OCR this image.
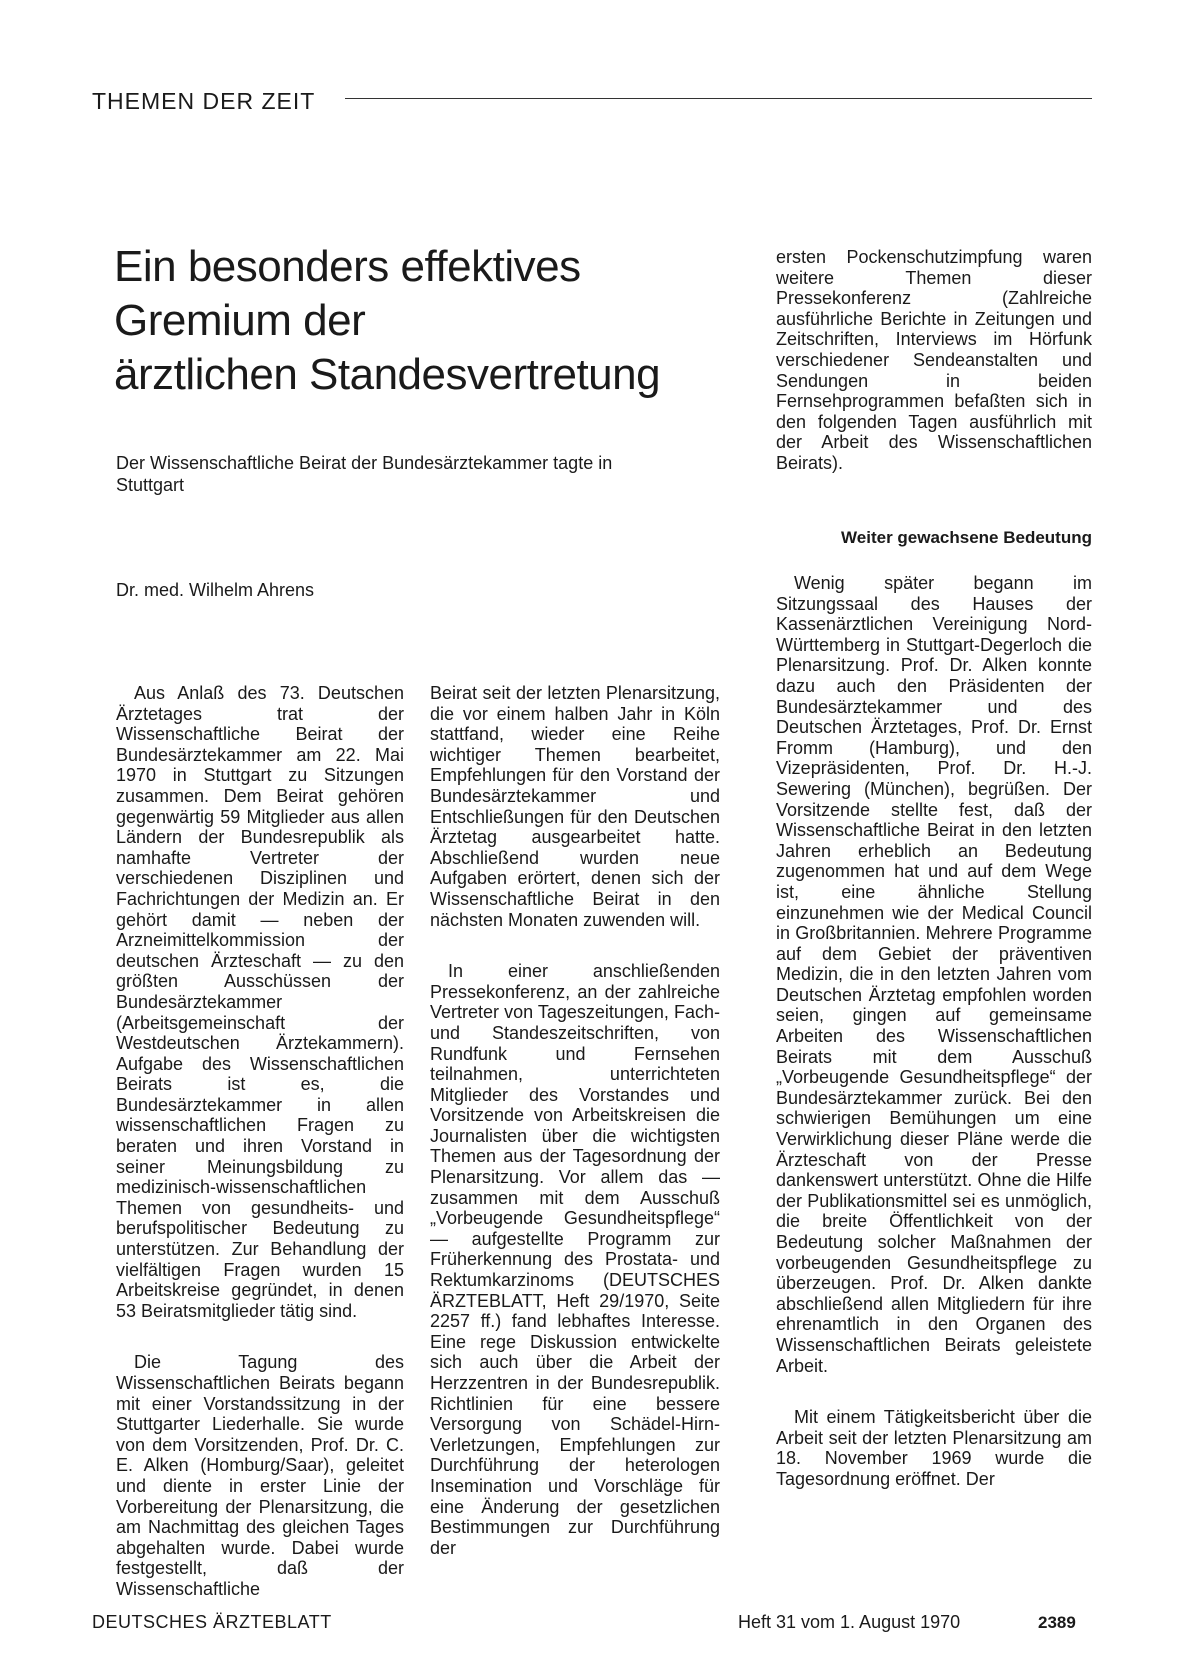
THEMEN DER ZEIT
Ein besonders effektives
Gremium der
ärztlichen Standesvertretung
Der Wissenschaftliche Beirat der Bundesärztekammer tagte in Stuttgart
Dr. med. Wilhelm Ahrens

Aus Anlaß des 73. Deutschen Ärztetages trat der Wissenschaftliche Beirat der Bundesärztekammer am 22. Mai 1970 in Stuttgart zu Sitzungen zusammen. Dem Beirat gehören gegenwärtig 59 Mitglieder aus allen Ländern der Bundesrepublik als namhafte Vertreter der verschiedenen Disziplinen und Fachrichtungen der Medizin an. Er gehört damit — neben der Arzneimittelkommission der deutschen Ärzteschaft — zu den größten Ausschüssen der Bundesärztekammer (Arbeitsgemeinschaft der Westdeutschen Ärztekammern). Aufgabe des Wissenschaftlichen Beirats ist es, die Bundesärztekammer in allen wissenschaftlichen Fragen zu beraten und ihren Vorstand in seiner Meinungsbildung zu medizinisch-wissenschaftlichen Themen von gesundheits- und berufspolitischer Bedeutung zu unterstützen. Zur Behandlung der vielfältigen Fragen wurden 15 Arbeitskreise gegründet, in denen 53 Beiratsmitglieder tätig sind.

Die Tagung des Wissenschaftlichen Beirats begann mit einer Vorstandssitzung in der Stuttgarter Liederhalle. Sie wurde von dem Vorsitzenden, Prof. Dr. C. E. Alken (Homburg/Saar), geleitet und diente in erster Linie der Vorbereitung der Plenarsitzung, die am Nachmittag des gleichen Tages abgehalten wurde. Dabei wurde festgestellt, daß der Wissenschaftliche

Beirat seit der letzten Plenarsitzung, die vor einem halben Jahr in Köln stattfand, wieder eine Reihe wichtiger Themen bearbeitet, Empfehlungen für den Vorstand der Bundesärztekammer und Entschließungen für den Deutschen Ärztetag ausgearbeitet hatte. Abschließend wurden neue Aufgaben erörtert, denen sich der Wissenschaftliche Beirat in den nächsten Monaten zuwenden will.

In einer anschließenden Pressekonferenz, an der zahlreiche Vertreter von Tageszeitungen, Fach- und Standeszeitschriften, von Rundfunk und Fernsehen teilnahmen, unterrichteten Mitglieder des Vorstandes und Vorsitzende von Arbeitskreisen die Journalisten über die wichtigsten Themen aus der Tagesordnung der Plenarsitzung. Vor allem das — zusammen mit dem Ausschuß „Vorbeugende Gesundheitspflege“ — aufgestellte Programm zur Früherkennung des Prostata- und Rektumkarzinoms (DEUTSCHES ÄRZTEBLATT, Heft 29/1970, Seite 2257 ff.) fand lebhaftes Interesse. Eine rege Diskussion entwickelte sich auch über die Arbeit der Herzzentren in der Bundesrepublik. Richtlinien für eine bessere Versorgung von Schädel-Hirn-Verletzungen, Empfehlungen zur Durchführung der heterologen Insemination und Vorschläge für eine Änderung der gesetzlichen Bestimmungen zur Durchführung der

ersten Pockenschutzimpfung waren weitere Themen dieser Pressekonferenz (Zahlreiche ausführliche Berichte in Zeitungen und Zeitschriften, Interviews im Hörfunk verschiedener Sendeanstalten und Sendungen in beiden Fernsehprogrammen befaßten sich in den folgenden Tagen ausführlich mit der Arbeit des Wissenschaftlichen Beirats).

Weiter gewachsene Bedeutung

Wenig später begann im Sitzungssaal des Hauses der Kassenärztlichen Vereinigung Nord-Württemberg in Stuttgart-Degerloch die Plenarsitzung. Prof. Dr. Alken konnte dazu auch den Präsidenten der Bundesärztekammer und des Deutschen Ärztetages, Prof. Dr. Ernst Fromm (Hamburg), und den Vizepräsidenten, Prof. Dr. H.-J. Sewering (München), begrüßen. Der Vorsitzende stellte fest, daß der Wissenschaftliche Beirat in den letzten Jahren erheblich an Bedeutung zugenommen hat und auf dem Wege ist, eine ähnliche Stellung einzunehmen wie der Medical Council in Großbritannien. Mehrere Programme auf dem Gebiet der präventiven Medizin, die in den letzten Jahren vom Deutschen Ärztetag empfohlen worden seien, gingen auf gemeinsame Arbeiten des Wissenschaftlichen Beirats mit dem Ausschuß „Vorbeugende Gesundheitspflege“ der Bundesärztekammer zurück. Bei den schwierigen Bemühungen um eine Verwirklichung dieser Pläne werde die Ärzteschaft von der Presse dankenswert unterstützt. Ohne die Hilfe der Publikationsmittel sei es unmöglich, die breite Öffentlichkeit von der Bedeutung solcher Maßnahmen der vorbeugenden Gesundheitspflege zu überzeugen. Prof. Dr. Alken dankte abschließend allen Mitgliedern für ihre ehrenamtlich in den Organen des Wissenschaftlichen Beirats geleistete Arbeit.

Mit einem Tätigkeitsbericht über die Arbeit seit der letzten Plenarsitzung am 18. November 1969 wurde die Tagesordnung eröffnet. Der

DEUTSCHES ÄRZTEBLATT	Heft 31 vom 1. August 1970	2389
